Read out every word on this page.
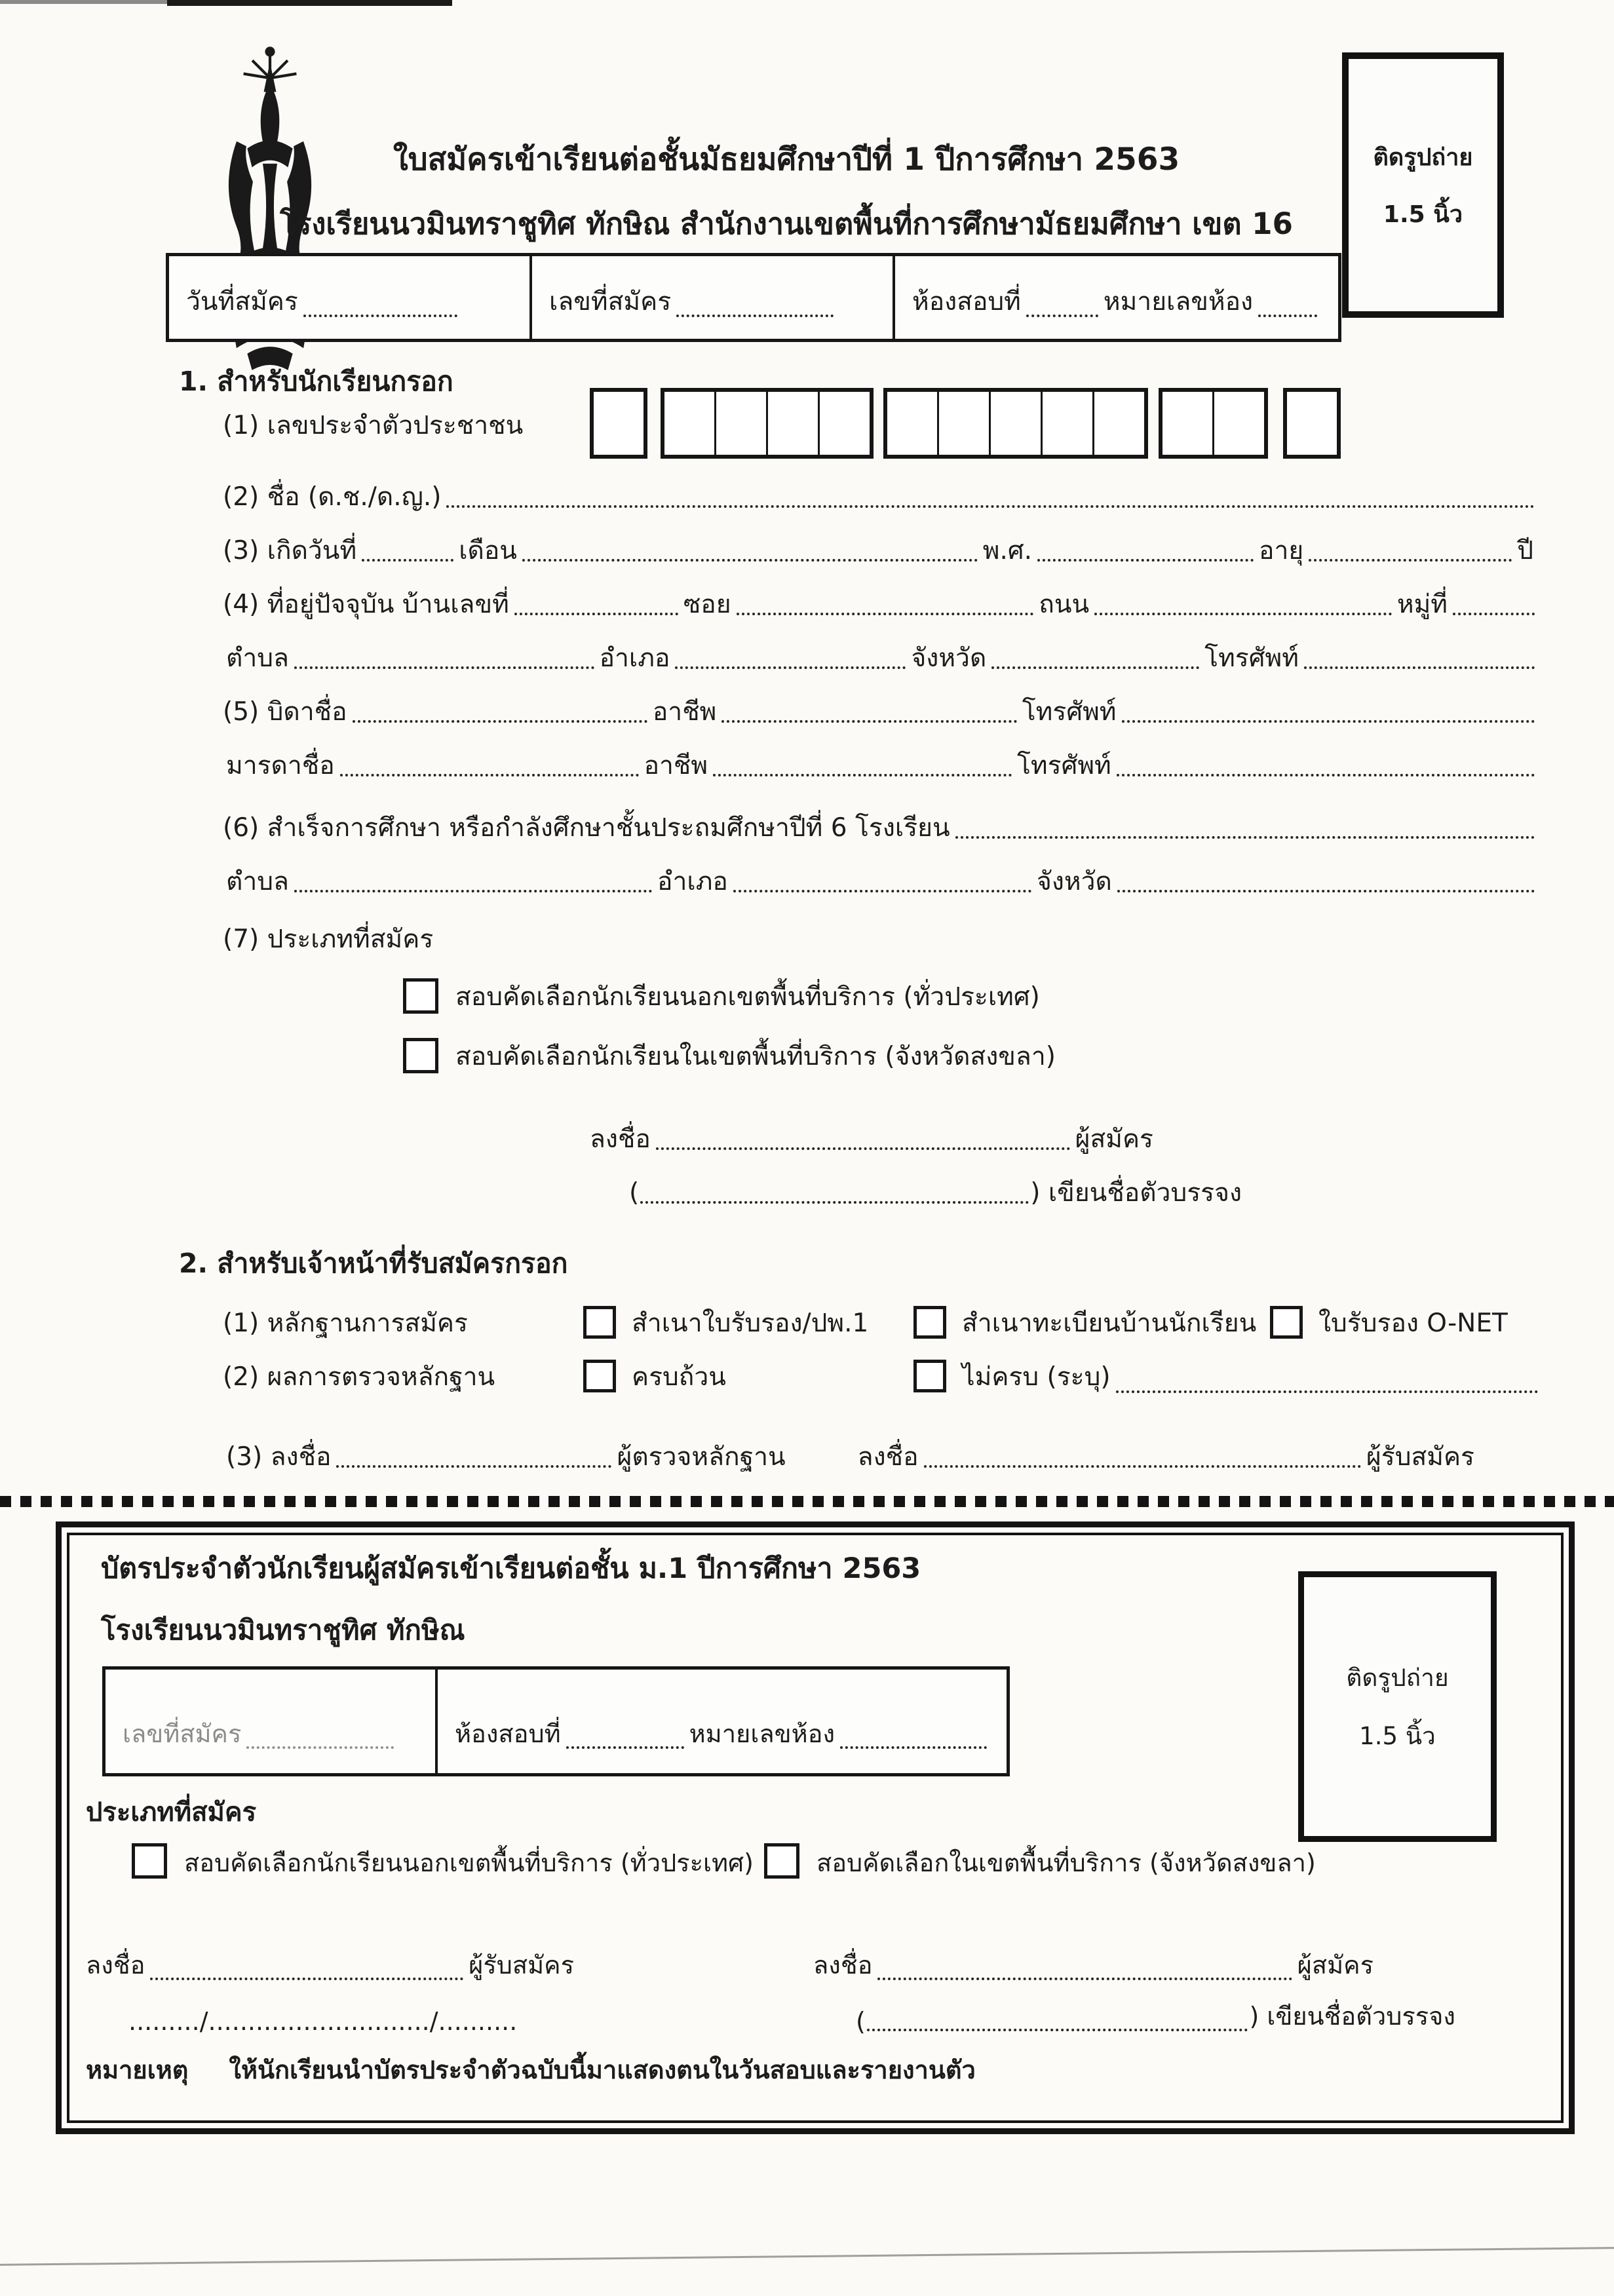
ใบสมัครเข้าเรียนต่อชั้นมัธยมศึกษาปีที่ 1 ปีการศึกษา 2563
โรงเรียนนวมินทราชูทิศ ทักษิณ สำนักงานเขตพื้นที่การศึกษามัธยมศึกษา เขต 16
ติดรูปถ่าย
1.5 นิ้ว
วันที่สมัคร	เลขที่สมัคร	ห้องสอบที่	หมายเลขห้อง
1. สำหรับนักเรียนกรอก
(1) เลขประจำตัวประชาชน
(2) ชื่อ (ด.ช./ด.ญ.)
(3) เกิดวันที่	เดือน	พ.ศ.	อายุ	ปี
(4) ที่อยู่ปัจจุบัน บ้านเลขที่	ซอย	ถนน	หมู่ที่
ตำบล	อำเภอ	จังหวัด	โทรศัพท์
(5) บิดาชื่อ	อาชีพ	โทรศัพท์
มารดาชื่อ	อาชีพ	โทรศัพท์
(6) สำเร็จการศึกษา หรือกำลังศึกษาชั้นประถมศึกษาปีที่ 6 โรงเรียน
ตำบล	อำเภอ	จังหวัด
(7) ประเภทที่สมัคร
สอบคัดเลือกนักเรียนนอกเขตพื้นที่บริการ (ทั่วประเทศ)
สอบคัดเลือกนักเรียนในเขตพื้นที่บริการ (จังหวัดสงขลา)
ลงชื่อ	ผู้สมัคร
(	) เขียนชื่อตัวบรรจง
2. สำหรับเจ้าหน้าที่รับสมัครกรอก
(1) หลักฐานการสมัคร	สำเนาใบรับรอง/ปพ.1	สำเนาทะเบียนบ้านนักเรียน	ใบรับรอง O-NET
(2) ผลการตรวจหลักฐาน	ครบถ้วน	ไม่ครบ (ระบุ)
(3) ลงชื่อ	ผู้ตรวจหลักฐาน	ลงชื่อ	ผู้รับสมัคร
บัตรประจำตัวนักเรียนผู้สมัครเข้าเรียนต่อชั้น ม.1 ปีการศึกษา 2563
โรงเรียนนวมินทราชูทิศ ทักษิณ
เลขที่สมัคร	ห้องสอบที่	หมายเลขห้อง
ติดรูปถ่าย
1.5 นิ้ว
ประเภทที่สมัคร
สอบคัดเลือกนักเรียนนอกเขตพื้นที่บริการ (ทั่วประเทศ)	สอบคัดเลือกในเขตพื้นที่บริการ (จังหวัดสงขลา)
ลงชื่อ	ผู้รับสมัคร	ลงชื่อ	ผู้สมัคร
........./............................/..........	(	) เขียนชื่อตัวบรรจง
หมายเหตุ ให้นักเรียนนำบัตรประจำตัวฉบับนี้มาแสดงตนในวันสอบและรายงานตัว
